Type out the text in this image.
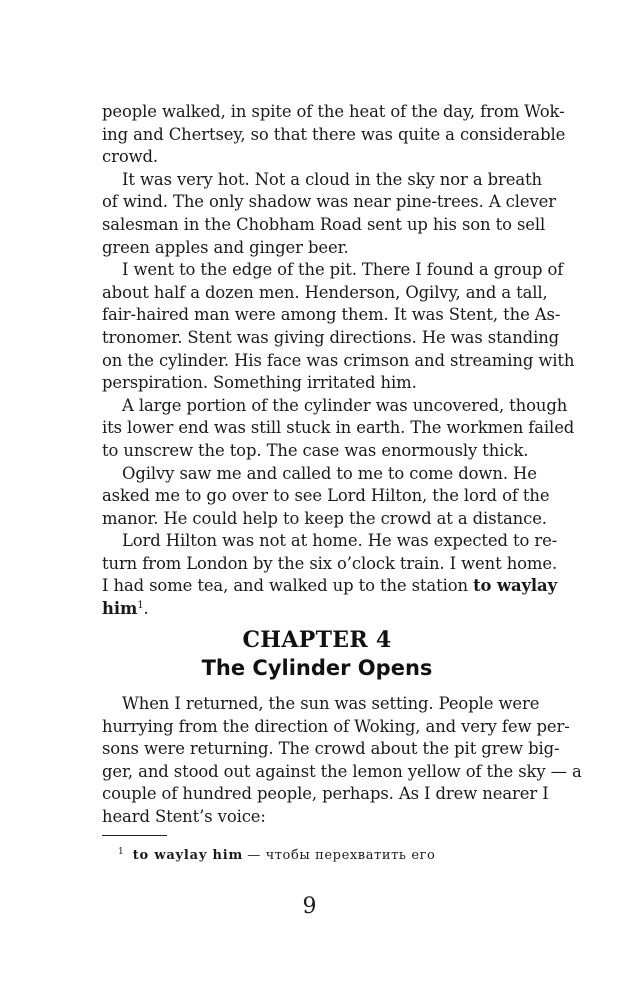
people walked, in spite of the heat of the day, from Wok-
ing and Chertsey, so that there was quite a considerable
crowd.
It was very hot. Not a cloud in the sky nor a breath
of wind. The only shadow was near pine-trees. A clever
salesman in the Chobham Road sent up his son to sell
green apples and ginger beer.
I went to the edge of the pit. There I found a group of
about half a dozen men. Henderson, Ogilvy, and a tall,
fair-haired man were among them. It was Stent, the As-
tronomer. Stent was giving directions. He was standing
on the cylinder. His face was crimson and streaming with
perspiration. Something irritated him.
A large portion of the cylinder was uncovered, though
its lower end was still stuck in earth. The workmen failed
to unscrew the top. The case was enormously thick.
Ogilvy saw me and called to me to come down. He
asked me to go over to see Lord Hilton, the lord of the
manor. He could help to keep the crowd at a distance.
Lord Hilton was not at home. He was expected to re-
turn from London by the six o’clock train. I went home.
I had some tea, and walked up to the station to waylay
him$^1$.
CHAPTER 4
The Cylinder Opens
When I returned, the sun was setting. People were
hurrying from the direction of Woking, and very few per-
sons were returning. The crowd about the pit grew big-
ger, and stood out against the lemon yellow of the sky — a
couple of hundred people, perhaps. As I drew nearer I
heard Stent’s voice:
$^1$ to waylay him — чтобы перехватить его
9
